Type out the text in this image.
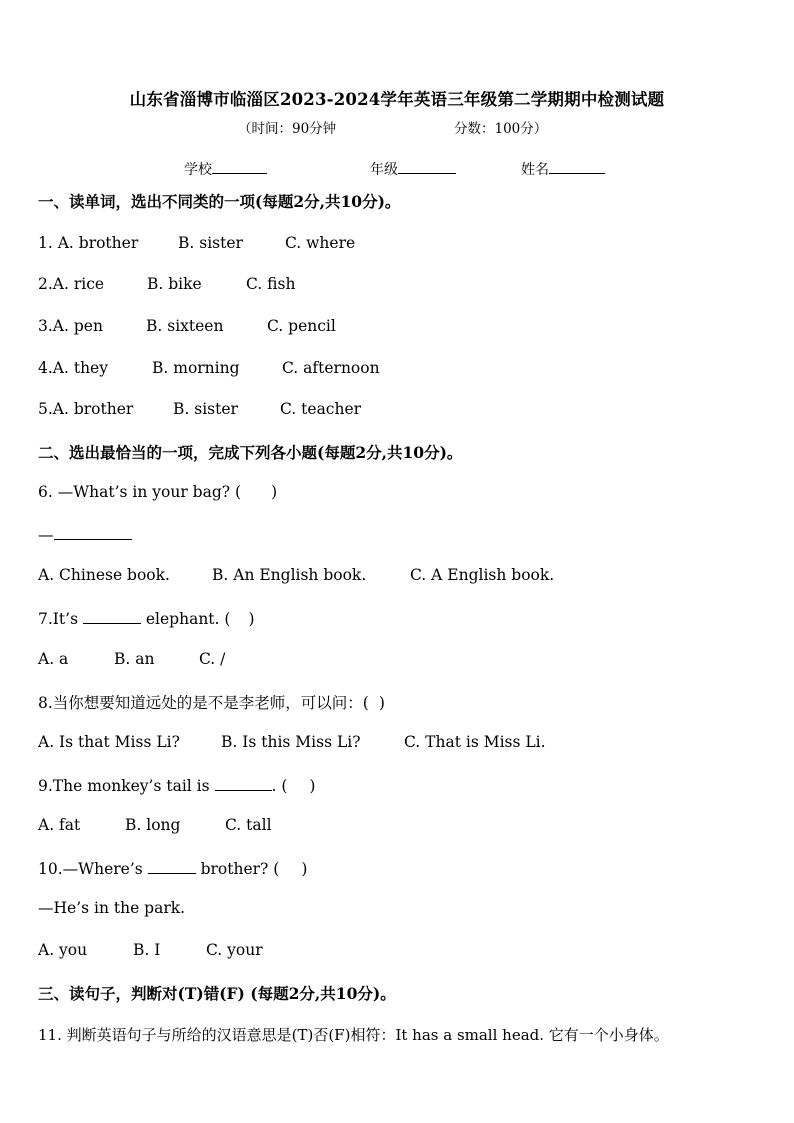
山东省淄博市临淄区2023-2024学年英语三年级第二学期期中检测试题
（时间：90分钟	分数：100分）
学校	年级	姓名
一、读单词，选出不同类的一项(每题2分,共10分)。
1. A. brother	B. sister	C. where
2.A. rice	B. bike	C. fish
3.A. pen	B. sixteen	C. pencil
4.A. they	B. morning	C. afternoon
5.A. brother	B. sister	C. teacher
二、选出最恰当的一项，完成下列各小题(每题2分,共10分)。
6. —What’s in your bag? ( )
—
A. Chinese book.	B. An English book.	C. A English book.
7.It’s	elephant. ( )
A. a	B. an	C. /
8.当你想要知道远处的是不是李老师，可以问：( )
A. Is that Miss Li?	B. Is this Miss Li?	C. That is Miss Li.
9.The monkey’s tail is	. ( )
A. fat	B. long	C. tall
10.—Where’s	brother? ( )
—He’s in the park.
A. you	B. I	C. your
三、读句子，判断对(T)错(F) (每题2分,共10分)。
11. 判断英语句子与所给的汉语意思是(T)否(F)相符：It has a small head. 它有一个小身体。
